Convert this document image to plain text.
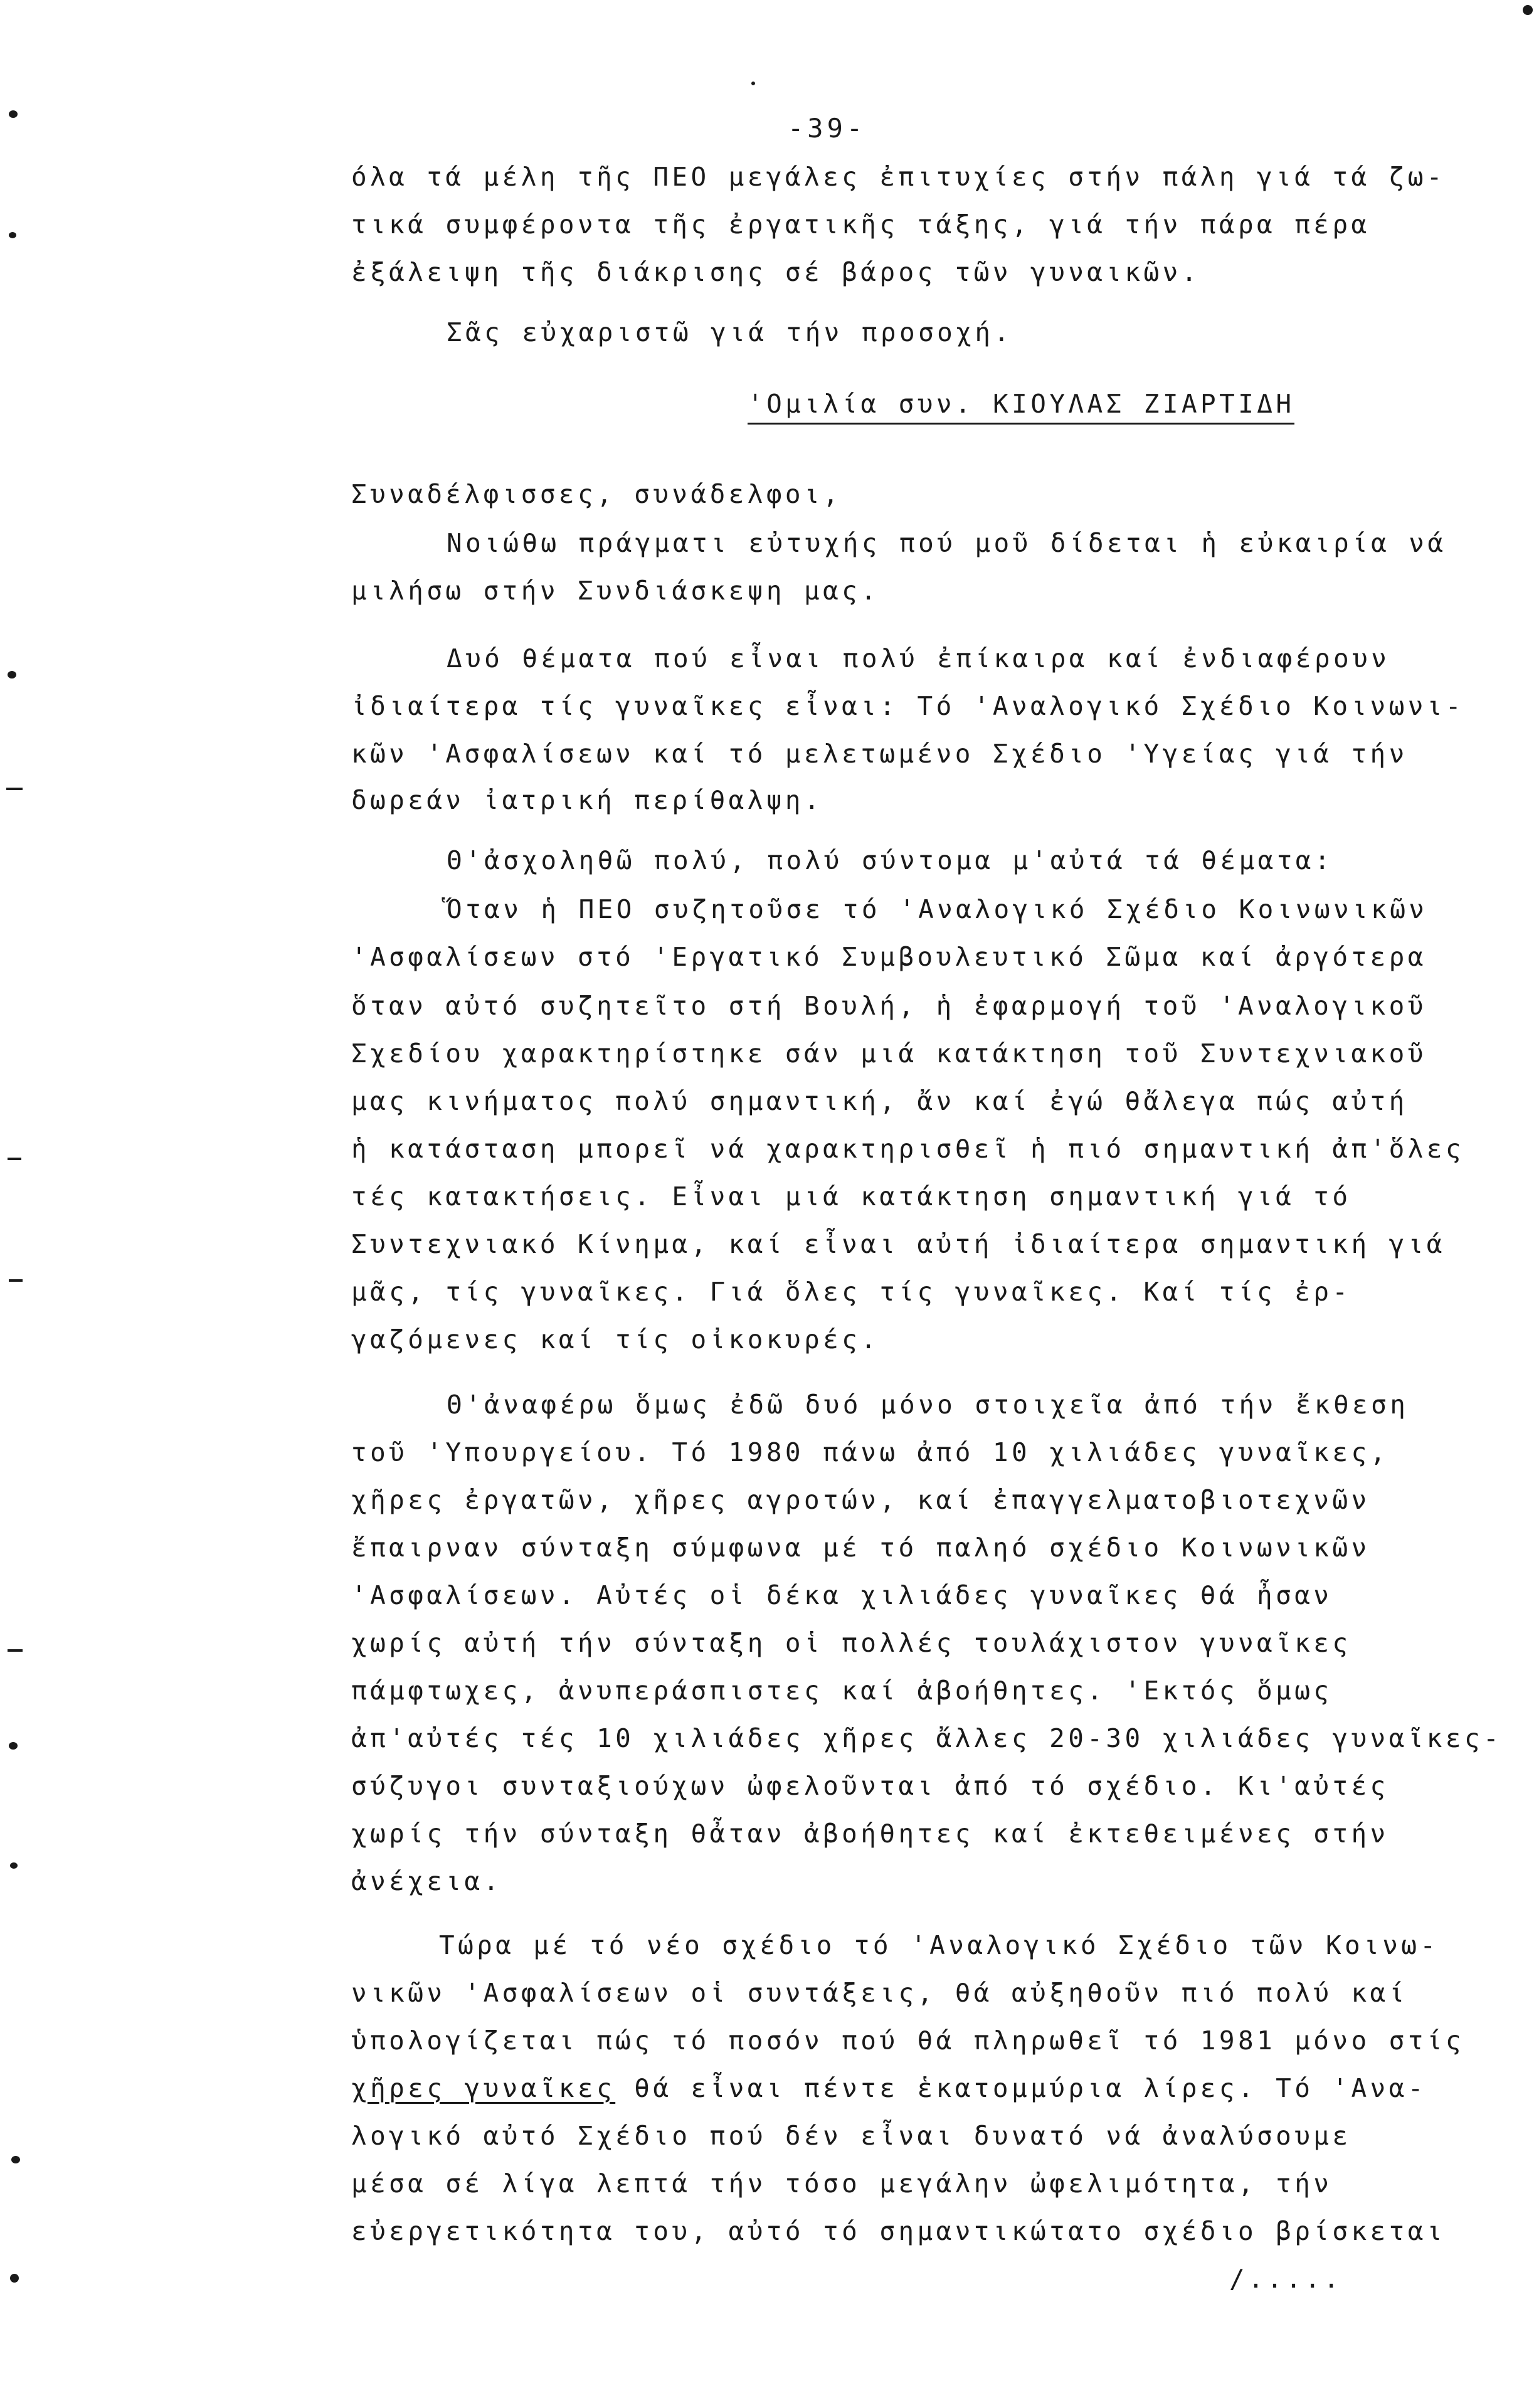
-39-
όλα τά μέλη τῆς ΠΕΟ μεγάλες ἐπιτυχίες στήν πάλη γιά τά ζω-
τικά συμφέροντα τῆς ἐργατικῆς τάξης, γιά τήν πάρα πέρα
ἐξάλειψη τῆς διάκρισης σέ βάρος τῶν γυναικῶν.
Σᾶς εὐχαριστῶ γιά τήν προσοχή.
'Ομιλία συν. ΚΙΟΥΛΑΣ ΖΙΑΡΤΙΔΗ
Συναδέλφισσες, συνάδελφοι,
Νοιώθω πράγματι εὐτυχής πού μοῦ δίδεται ἡ εὐκαιρία νά
μιλήσω στήν Συνδιάσκεψη μας.
Δυό θέματα πού εἶναι πολύ ἐπίκαιρα καί ἐνδιαφέρουν
ἰδιαίτερα τίς γυναῖκες εἶναι: Τό 'Αναλογικό Σχέδιο Κοινωνι-
κῶν 'Ασφαλίσεων καί τό μελετωμένο Σχέδιο 'Υγείας γιά τήν
δωρεάν ἰατρική περίθαλψη.
Θ'ἀσχοληθῶ πολύ, πολύ σύντομα μ'αὐτά τά θέματα:
Ὅταν ἡ ΠΕΟ συζητοῦσε τό 'Αναλογικό Σχέδιο Κοινωνικῶν
'Ασφαλίσεων στό 'Εργατικό Συμβουλευτικό Σῶμα καί ἀργότερα
ὅταν αὐτό συζητεῖτο στή Βουλή, ἡ ἐφαρμογή τοῦ 'Αναλογικοῦ
Σχεδίου χαρακτηρίστηκε σάν μιά κατάκτηση τοῦ Συντεχνιακοῦ
μας κινήματος πολύ σημαντική, ἄν καί ἐγώ θἄλεγα πώς αὐτή
ἡ κατάσταση μπορεῖ νά χαρακτηρισθεῖ ἡ πιό σημαντική ἀπ'ὅλες
τές κατακτήσεις. Εἶναι μιά κατάκτηση σημαντική γιά τό
Συντεχνιακό Κίνημα, καί εἶναι αὐτή ἰδιαίτερα σημαντική γιά
μᾶς, τίς γυναῖκες. Γιά ὅλες τίς γυναῖκες. Καί τίς ἐρ-
γαζόμενες καί τίς οἰκοκυρές.
Θ'ἀναφέρω ὅμως ἐδῶ δυό μόνο στοιχεῖα ἀπό τήν ἔκθεση
τοῦ 'Υπουργείου. Τό 1980 πάνω ἀπό 10 χιλιάδες γυναῖκες,
χῆρες ἐργατῶν, χῆρες αγροτών, καί ἐπαγγελματοβιοτεχνῶν
ἔπαιρναν σύνταξη σύμφωνα μέ τό παληό σχέδιο Κοινωνικῶν
'Ασφαλίσεων. Αὐτές οἱ δέκα χιλιάδες γυναῖκες θά ἦσαν
χωρίς αὐτή τήν σύνταξη οἱ πολλές τουλάχιστον γυναῖκες
πάμφτωχες, ἀνυπεράσπιστες καί ἀβοήθητες. 'Εκτός ὅμως
ἀπ'αὐτές τές 10 χιλιάδες χῆρες ἄλλες 20-30 χιλιάδες γυναῖκες-
σύζυγοι συνταξιούχων ὠφελοῦνται ἀπό τό σχέδιο. Κι'αὐτές
χωρίς τήν σύνταξη θἆταν ἀβοήθητες καί ἐκτεθειμένες στήν
ἀνέχεια.
Τώρα μέ τό νέο σχέδιο τό 'Αναλογικό Σχέδιο τῶν Κοινω-
νικῶν 'Ασφαλίσεων οἱ συντάξεις, θά αὐξηθοῦν πιό πολύ καί
ὑπολογίζεται πώς τό ποσόν πού θά πληρωθεῖ τό 1981 μόνο στίς
χῆρες γυναῖκες θά εἶναι πέντε ἑκατομμύρια λίρες. Τό 'Ανα-
λογικό αὐτό Σχέδιο πού δέν εἶναι δυνατό νά ἀναλύσουμε
μέσα σέ λίγα λεπτά τήν τόσο μεγάλην ὠφελιμότητα, τήν
εὐεργετικότητα του, αὐτό τό σημαντικώτατο σχέδιο βρίσκεται
/.....
